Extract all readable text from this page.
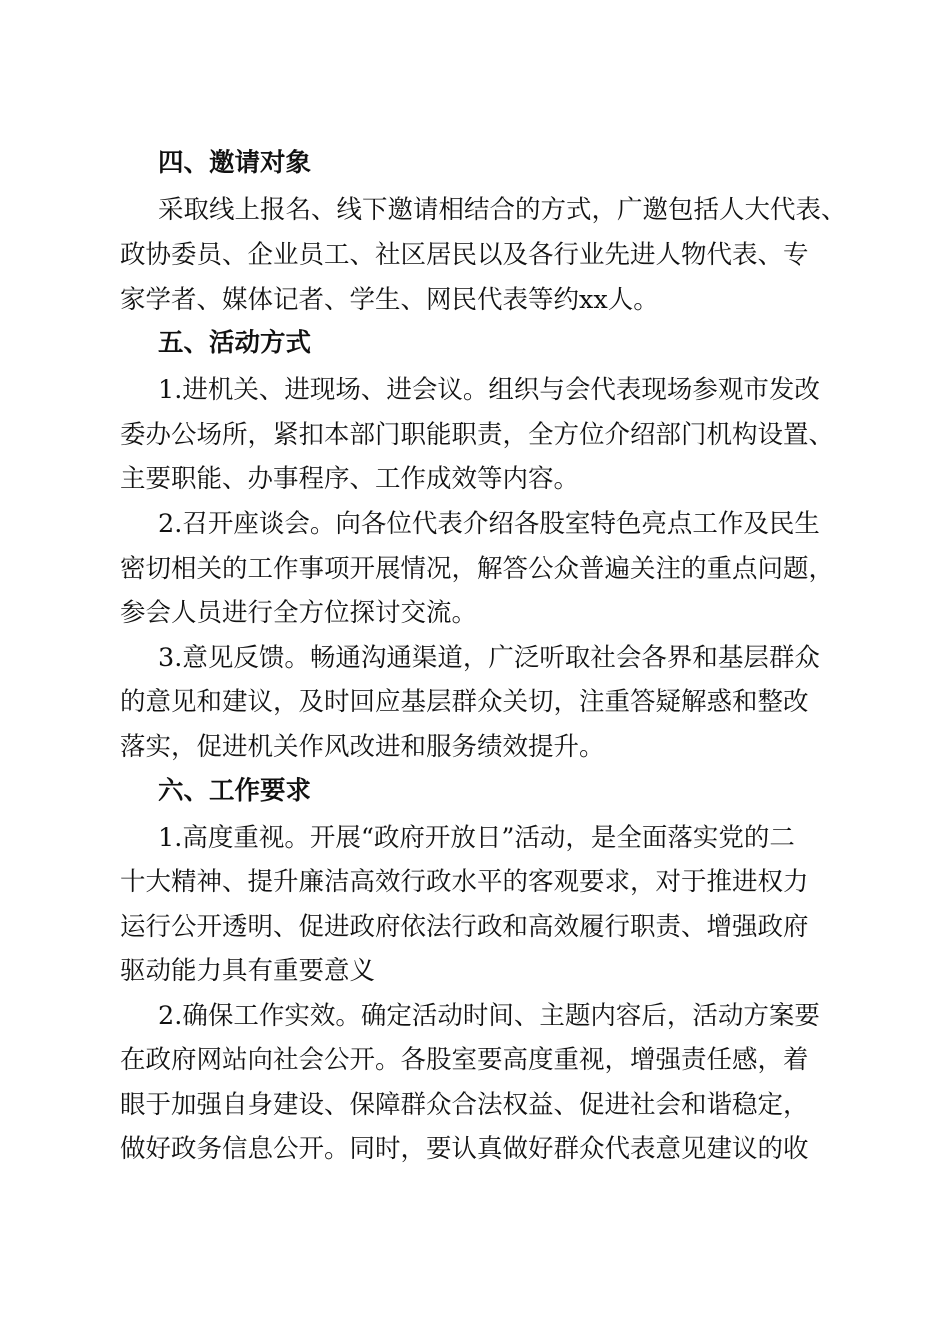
四、邀请对象
采取线上报名、线下邀请相结合的方式，广邀包括人大代表、
政协委员、企业员工、社区居民以及各行业先进人物代表、专
家学者、媒体记者、学生、网民代表等约xx人。
五、活动方式
1.进机关、进现场、进会议。组织与会代表现场参观市发改
委办公场所，紧扣本部门职能职责，全方位介绍部门机构设置、
主要职能、办事程序、工作成效等内容。
2.召开座谈会。向各位代表介绍各股室特色亮点工作及民生
密切相关的工作事项开展情况，解答公众普遍关注的重点问题，
参会人员进行全方位探讨交流。
3.意见反馈。畅通沟通渠道，广泛听取社会各界和基层群众
的意见和建议，及时回应基层群众关切，注重答疑解惑和整改
落实，促进机关作风改进和服务绩效提升。
六、工作要求
1.高度重视。开展“政府开放日”活动，是全面落实党的二
十大精神、提升廉洁高效行政水平的客观要求，对于推进权力
运行公开透明、促进政府依法行政和高效履行职责、增强政府
驱动能力具有重要意义
2.确保工作实效。确定活动时间、主题内容后，活动方案要
在政府网站向社会公开。各股室要高度重视，增强责任感，着
眼于加强自身建设、保障群众合法权益、促进社会和谐稳定，
做好政务信息公开。同时，要认真做好群众代表意见建议的收
